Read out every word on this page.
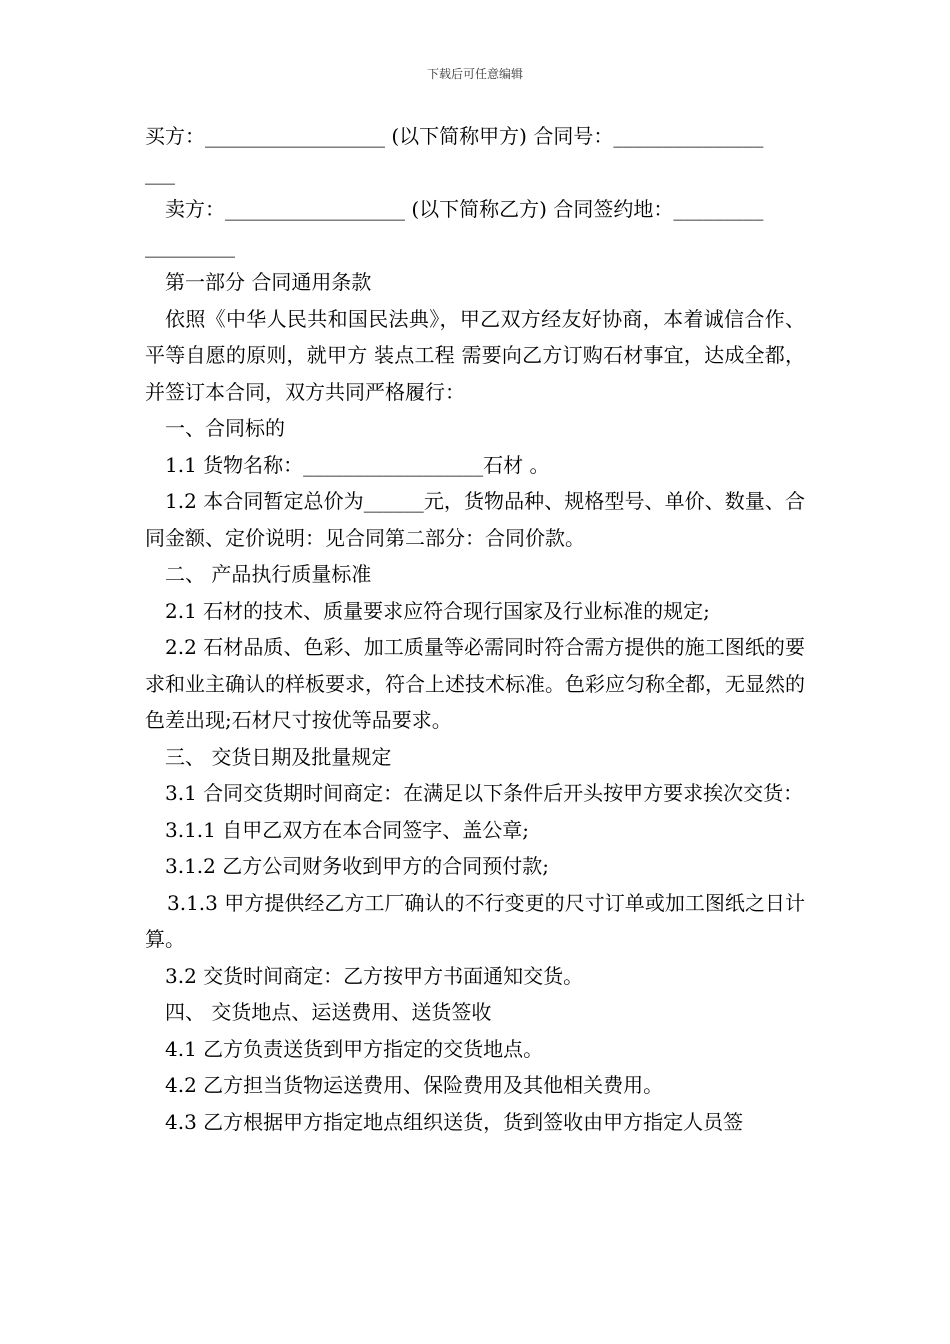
下载后可任意编辑

买方：__________________ (以下简称甲方) 合同号：_______________

___

卖方：__________________ (以下简称乙方) 合同签约地：_________

_________

第一部分 合同通用条款

依照《中华人民共和国民法典》，甲乙双方经友好协商，本着诚信合作、平等自愿的原则，就甲方 装点工程 需要向乙方订购石材事宜，达成全都，并签订本合同，双方共同严格履行：

一、合同标的

1.1 货物名称：__________________石材 。

1.2 本合同暂定总价为______元，货物品种、规格型号、单价、数量、合同金额、定价说明：见合同第二部分：合同价款。

二、 产品执行质量标准

2.1 石材的技术、质量要求应符合现行国家及行业标准的规定;

2.2 石材品质、色彩、加工质量等必需同时符合需方提供的施工图纸的要求和业主确认的样板要求，符合上述技术标准。色彩应匀称全都，无显然的色差出现;石材尺寸按优等品要求。

三、 交货日期及批量规定

3.1 合同交货期时间商定：在满足以下条件后开头按甲方要求挨次交货：

3.1.1 自甲乙双方在本合同签字、盖公章;

3.1.2 乙方公司财务收到甲方的合同预付款;

3.1.3 甲方提供经乙方工厂确认的不行变更的尺寸订单或加工图纸之日计算。

3.2 交货时间商定：乙方按甲方书面通知交货。

四、 交货地点、运送费用、送货签收

4.1 乙方负责送货到甲方指定的交货地点。

4.2 乙方担当货物运送费用、保险费用及其他相关费用。

4.3 乙方根据甲方指定地点组织送货，货到签收由甲方指定人员签
